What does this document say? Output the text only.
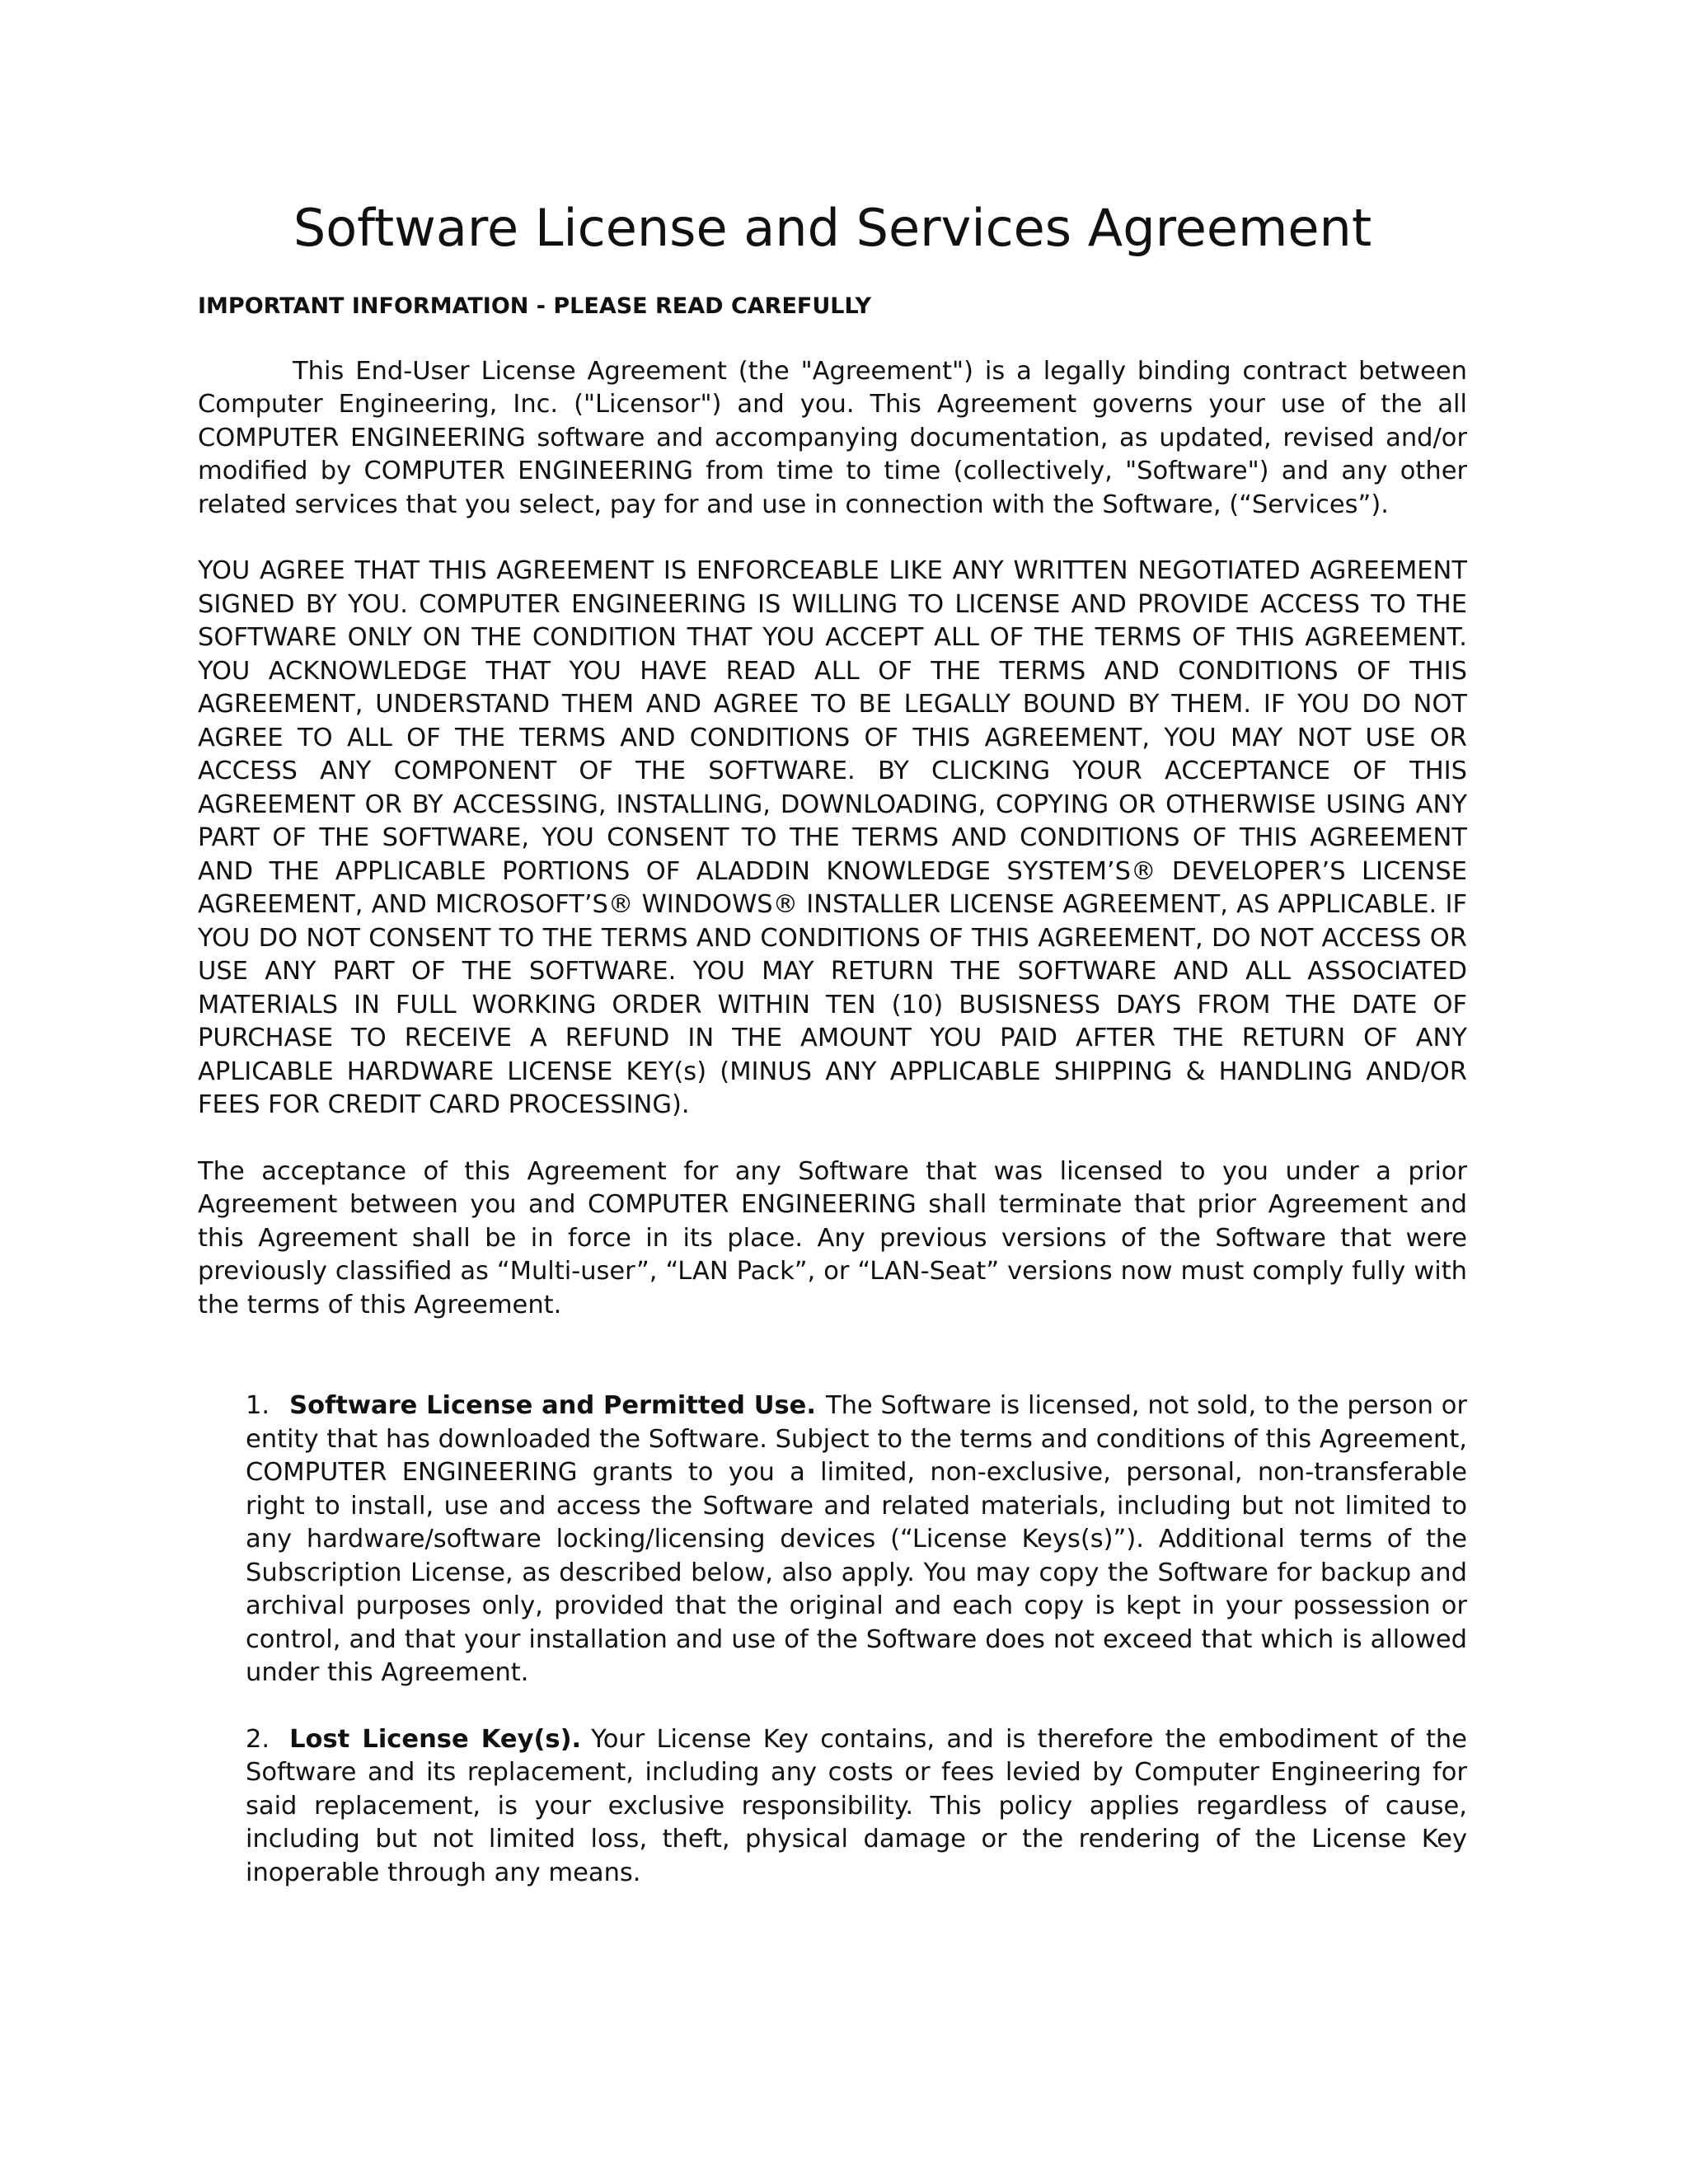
Software License and Services Agreement
IMPORTANT INFORMATION - PLEASE READ CAREFULLY

This End-User License Agreement (the "Agreement") is a legally binding contract between Computer Engineering, Inc. ("Licensor") and you. This Agreement governs your use of the all COMPUTER ENGINEERING software and accompanying documentation, as updated, revised and/or modified by COMPUTER ENGINEERING from time to time (collectively, "Software") and any other related services that you select, pay for and use in connection with the Software, (“Services”).

YOU AGREE THAT THIS AGREEMENT IS ENFORCEABLE LIKE ANY WRITTEN NEGOTIATED AGREEMENT SIGNED BY YOU. COMPUTER ENGINEERING IS WILLING TO LICENSE AND PROVIDE ACCESS TO THE SOFTWARE ONLY ON THE CONDITION THAT YOU ACCEPT ALL OF THE TERMS OF THIS AGREEMENT. YOU ACKNOWLEDGE THAT YOU HAVE READ ALL OF THE TERMS AND CONDITIONS OF THIS AGREEMENT, UNDERSTAND THEM AND AGREE TO BE LEGALLY BOUND BY THEM. IF YOU DO NOT AGREE TO ALL OF THE TERMS AND CONDITIONS OF THIS AGREEMENT, YOU MAY NOT USE OR ACCESS ANY COMPONENT OF THE SOFTWARE. BY CLICKING YOUR ACCEPTANCE OF THIS AGREEMENT OR BY ACCESSING, INSTALLING, DOWNLOADING, COPYING OR OTHERWISE USING ANY PART OF THE SOFTWARE, YOU CONSENT TO THE TERMS AND CONDITIONS OF THIS AGREEMENT AND THE APPLICABLE PORTIONS OF ALADDIN KNOWLEDGE SYSTEM’S® DEVELOPER’S LICENSE AGREEMENT, AND MICROSOFT’S® WINDOWS® INSTALLER LICENSE AGREEMENT, AS APPLICABLE. IF YOU DO NOT CONSENT TO THE TERMS AND CONDITIONS OF THIS AGREEMENT, DO NOT ACCESS OR USE ANY PART OF THE SOFTWARE. YOU MAY RETURN THE SOFTWARE AND ALL ASSOCIATED MATERIALS IN FULL WORKING ORDER WITHIN TEN (10) BUSISNESS DAYS FROM THE DATE OF PURCHASE TO RECEIVE A REFUND IN THE AMOUNT YOU PAID AFTER THE RETURN OF ANY APLICABLE HARDWARE LICENSE KEY(s) (MINUS ANY APPLICABLE SHIPPING & HANDLING AND/OR FEES FOR CREDIT CARD PROCESSING).

The acceptance of this Agreement for any Software that was licensed to you under a prior Agreement between you and COMPUTER ENGINEERING shall terminate that prior Agreement and this Agreement shall be in force in its place. Any previous versions of the Software that were previously classified as “Multi-user”, “LAN Pack”, or “LAN-Seat” versions now must comply fully with the terms of this Agreement.

1. Software License and Permitted Use. The Software is licensed, not sold, to the person or entity that has downloaded the Software. Subject to the terms and conditions of this Agreement, COMPUTER ENGINEERING grants to you a limited, non-exclusive, personal, non-transferable right to install, use and access the Software and related materials, including but not limited to any hardware/software locking/licensing devices (“License Keys(s)”). Additional terms of the Subscription License, as described below, also apply. You may copy the Software for backup and archival purposes only, provided that the original and each copy is kept in your possession or control, and that your installation and use of the Software does not exceed that which is allowed under this Agreement.

2. Lost License Key(s). Your License Key contains, and is therefore the embodiment of the Software and its replacement, including any costs or fees levied by Computer Engineering for said replacement, is your exclusive responsibility. This policy applies regardless of cause, including but not limited loss, theft, physical damage or the rendering of the License Key inoperable through any means.
